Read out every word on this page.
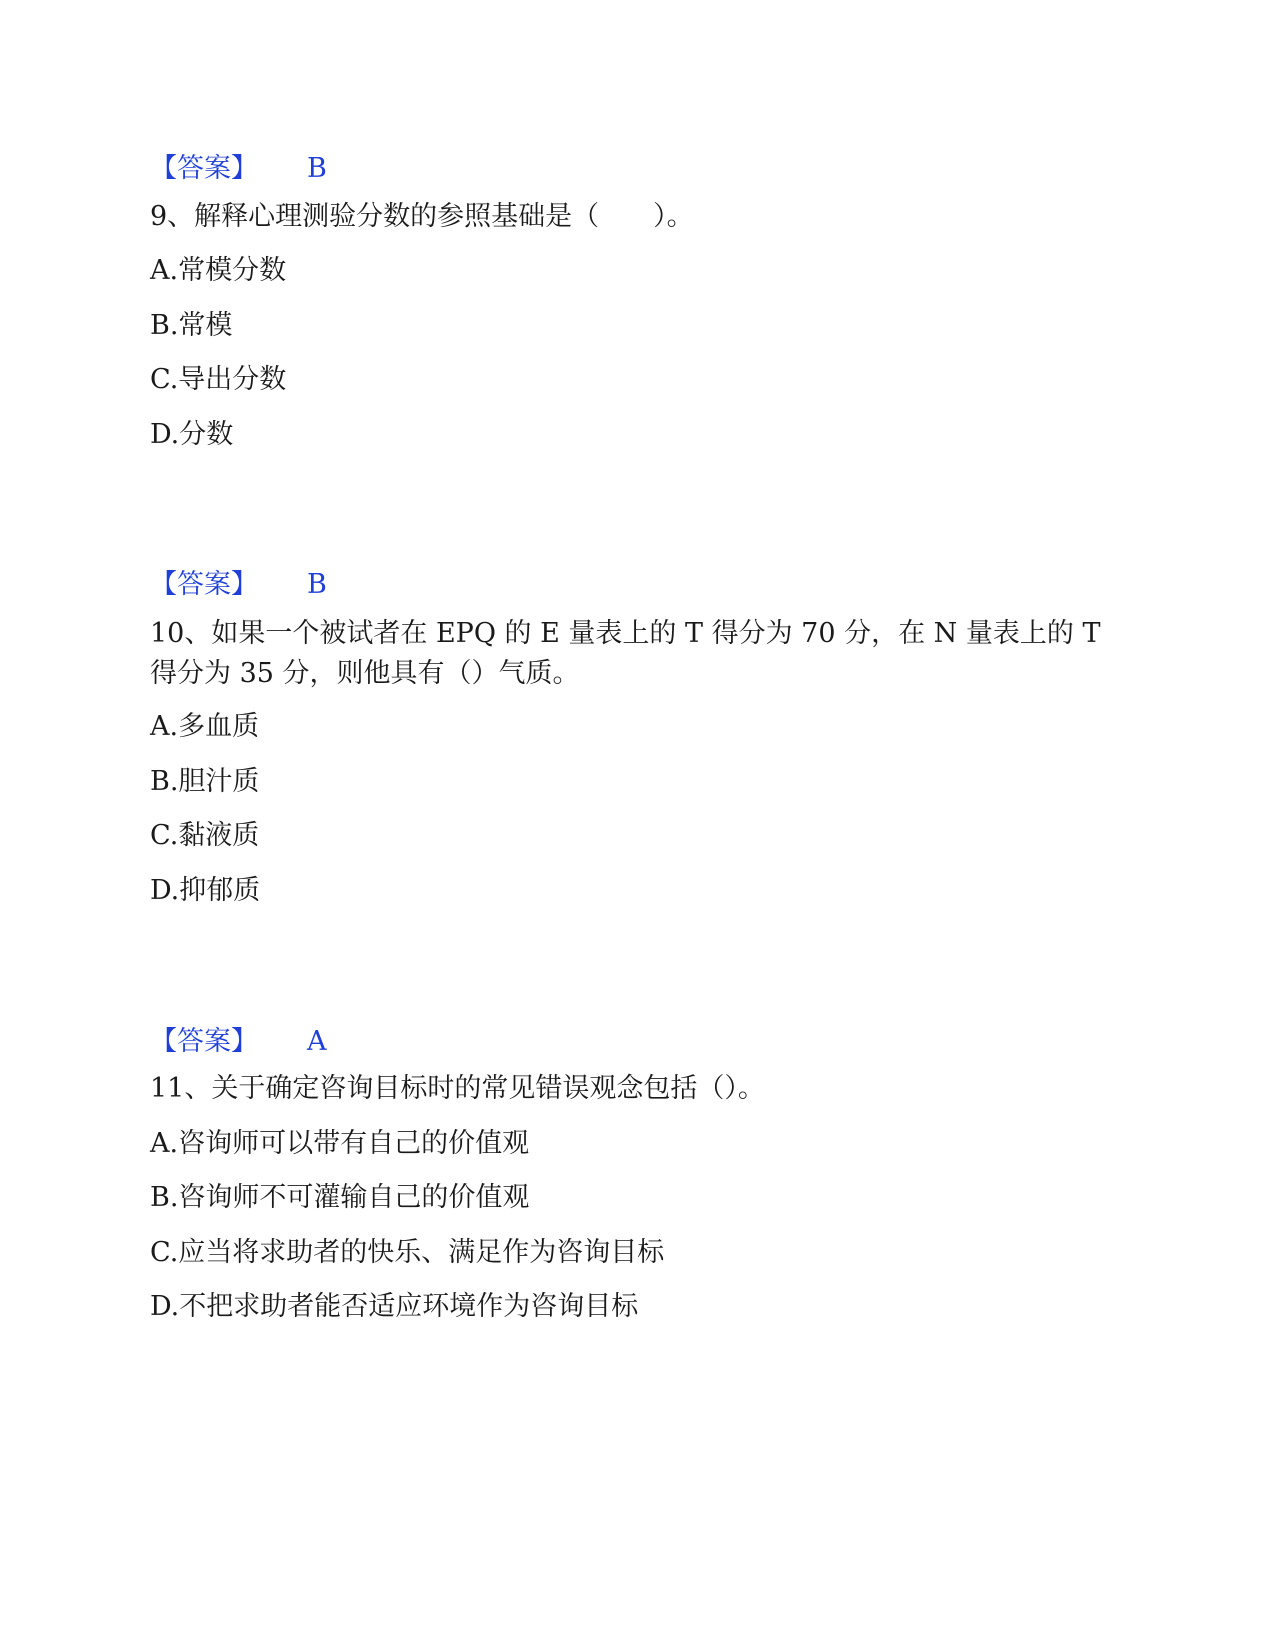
【答案】 B
9、解释心理测验分数的参照基础是（　　）。
A.常模分数
B.常模
C.导出分数
D.分数
【答案】 B
10、如果一个被试者在 EPQ 的 E 量表上的 T 得分为 70 分，在 N 量表上的 T 得分为 35 分，则他具有（）气质。
A.多血质
B.胆汁质
C.黏液质
D.抑郁质
【答案】 A
11、关于确定咨询目标时的常见错误观念包括（）。
A.咨询师可以带有自己的价值观
B.咨询师不可灌输自己的价值观
C.应当将求助者的快乐、满足作为咨询目标
D.不把求助者能否适应环境作为咨询目标
